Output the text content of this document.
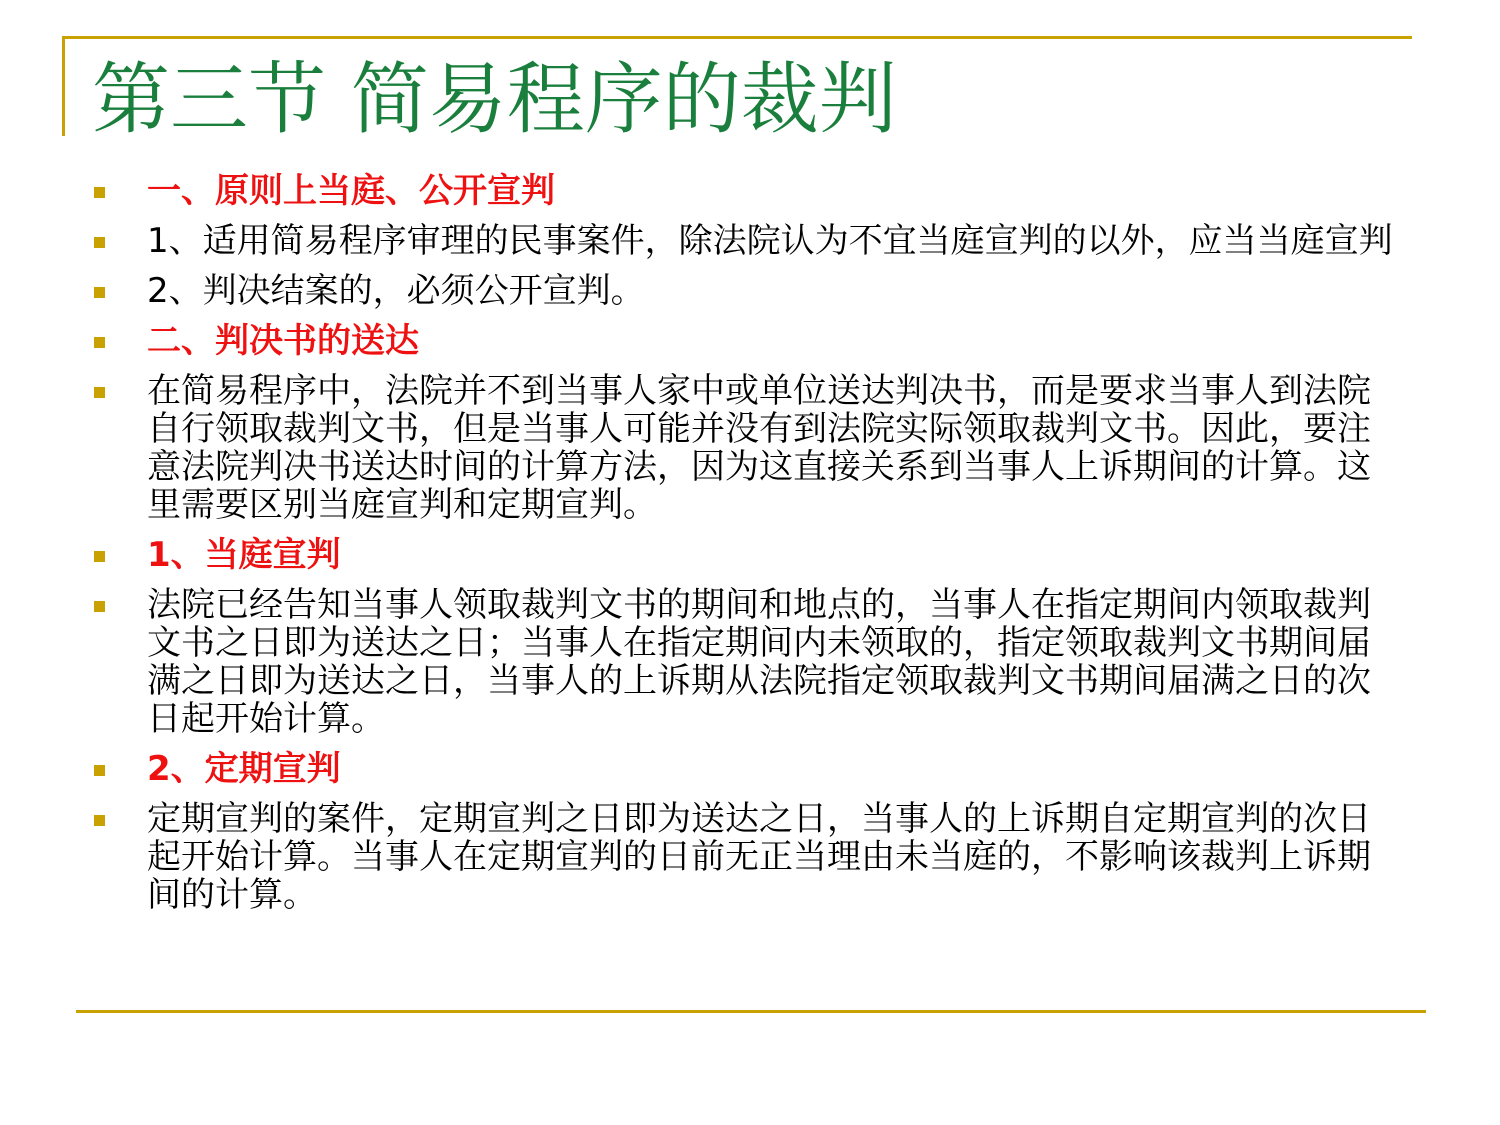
第三节 简易程序的裁判
一、原则上当庭、公开宣判
1、适用简易程序审理的民事案件，除法院认为不宜当庭宣判的以外，应当当庭宣判
2、判决结案的，必须公开宣判。
二、判决书的送达
在简易程序中，法院并不到当事人家中或单位送达判决书，而是要求当事人到法院自行领取裁判文书，但是当事人可能并没有到法院实际领取裁判文书。因此，要注意法院判决书送达时间的计算方法，因为这直接关系到当事人上诉期间的计算。这里需要区别当庭宣判和定期宣判。
1、当庭宣判
法院已经告知当事人领取裁判文书的期间和地点的，当事人在指定期间内领取裁判文书之日即为送达之日；当事人在指定期间内未领取的，指定领取裁判文书期间届满之日即为送达之日，当事人的上诉期从法院指定领取裁判文书期间届满之日的次日起开始计算。
2、定期宣判
定期宣判的案件，定期宣判之日即为送达之日，当事人的上诉期自定期宣判的次日起开始计算。当事人在定期宣判的日前无正当理由未当庭的，不影响该裁判上诉期间的计算。
